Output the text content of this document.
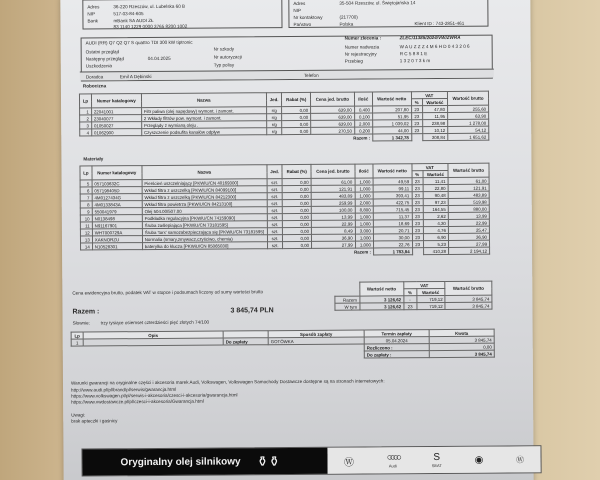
Adres	36-220 Rzeszów, ul. Lubelska 60 B
NIP	517-03-84-605
Bank	mBank SA AUDI ZŁ
83 1140 1229 0000 3765 8200 1002
Adres	35-504 Rzeszów, ul. Świętojańska 14
NIP
Nr kontaktowy	(217700)
Państwo	Polska	Klient ID : 743-2851-461
AUDI (RR) Q7 Q2 Q7 S quattro TDI 300 kW tiptronic
Ostatni przegląd
Następny przegląd	04.04.2025
Uszkodzenia
Nr szkody
Nr autoryzacji
Typ polisy
Numer zlecenia :	ZLEC/11385/2024/VW/ZWRA
Numer nadwozia	W A U Z Z Z 4 M 6 H D 0 4 3 2 0 6
Nr rejestracyjny	R C 5 8 8 1 E
Przebieg	1 3 2 0 7 3 k m
Doradca	Emil A Dębinski	Telefon
Robocizna
Lp	Numer katalogowy	Nazwa	Jed.	Rabat (%)	Cena jed. brutto	Ilość	Wartość netto	VAT		Wartość brutto
								%	Wartość	
1	22041001	Filtr paliwa (olej napędowy) wymont. i zamont.	r/g	0,00	639,00	0,400	207,80	23	47,80	255,60
2	23040077	2 Wkłady filtrów pow. wymont. i zamont.	r/g	0,00	639,00	0,100	51,95	23	11,95	63,90
3	01050027	Przeglądy z wymianą oleju .	r/g	0,00	639,00	2,000	1 039,02	23	238,98	1 278,00
4	01062900	Czyszczenie podsufita kanałów odpływ	r/g	0,00	270,50	0,200	44,00	23	10,12	54,12
Razem :							1 342,78		308,84	1 651,62
Materiały
Lp	Numer katalogowy	Nazwa	Jed.	Rabat (%)	Cena jed. brutto	Ilość	Wartość netto	VAT		Wartość brutto
								%	Wartość	
5	057103632C	Pierścień uszczelniający [PKWiU/CN 40169300]	szt.	0,00	61,00	1,000	49,59	23	11,41	61,00
6	057198405D	Wkład filtra z uszczelką [PKWiU/CN 84099100]	szt.	0,00	121,91	1,000	99,11	23	22,80	121,91
7	4M0127434G	Wkład filtra z uszczelką [PKWiU/CN 84212300]	szt.	0,00	483,89	1,000	393,41	23	90,48	483,89
8	4M0133843A	Wkład filtra powietrza [PKWiU/CN 84213100]	szt.	0,00	259,99	2,000	422,75	23	97,23	519,98
9	550041979	Olej 504.00/507.00	szt.	0,00	100,00	8,800	715,45	23	164,55	880,00
10	N0138498	Podkładka regulacyjna [PKWiU/CN 74159090]	szt.	0,00	13,99	1,000	11,37	23	2,62	13,99
11	N91167901	Śruba zaślepiająca [PKWiU/CN 73181595]	szt.	0,00	22,99	1,000	18,69	23	4,30	22,99
12	WHT000729A	Śruba 'torx' samozabezpieczająca się [PKWiU/CN 73181595]	szt.	0,00	8,49	3,000	20,71	23	4,76	25,47
13	XAKNORZU	Normalia (smary,zmywacz,czyściwo, chemia)	szt.	0,00	36,90	1,000	30,00	23	6,90	36,90
14	N10528301	baterylka do klucza [PKWiU/CN 85065030]	szt.	0,00	27,99	1,000	22,76	23	5,23	27,99
Razem :							1 783,84		410,28	2 194,12
Cena ewidencyjna brutto, podatek VAT w stopce i podsumach liczony od sumy wartości brutto
Razem :	3 845,74 PLN
Słownie: trzy tysiące osiemset czterdzieści pięć złotych 74/100
	Wartość netto	VAT		Wartość brutto
		%	Wartość	
Razem	3 126,62	-	719,12	3 845,74
W tym	3 126,62	23	719,12	3 845,74
Lp	Opis		Sposób zapłaty	Termin zapłaty	Kwota
1		Do zapłaty	GOTÓWKA	05.04.2024	3 845,74
				Rozliczono :	0,00
				Do zapłaty :	3 845,74
Warunki gwarancji na oryginalne części i akcesoria marek Audi, Volkswagen, Volkswagen Samochody Dostawcze dostępne są na stronach internetowych:
http://www.audi.pl/pl/brand/pl/serwis/gwarancja.html
https://www.volkswagen.pl/pl/serwis-i-akcesoria/czesci-i-akcesoria/gwarancja.html
https://www.vwdostawcze.pl/pl/czesci-i-akcesoria/Gwarancja.html
Uwagi:
brak apteczki i gaśnicy
Oryginalny olej silnikowy ⚱⚱	Ⓦ	○○○○
Audi
S
SEAT
◉	Ⓦ
